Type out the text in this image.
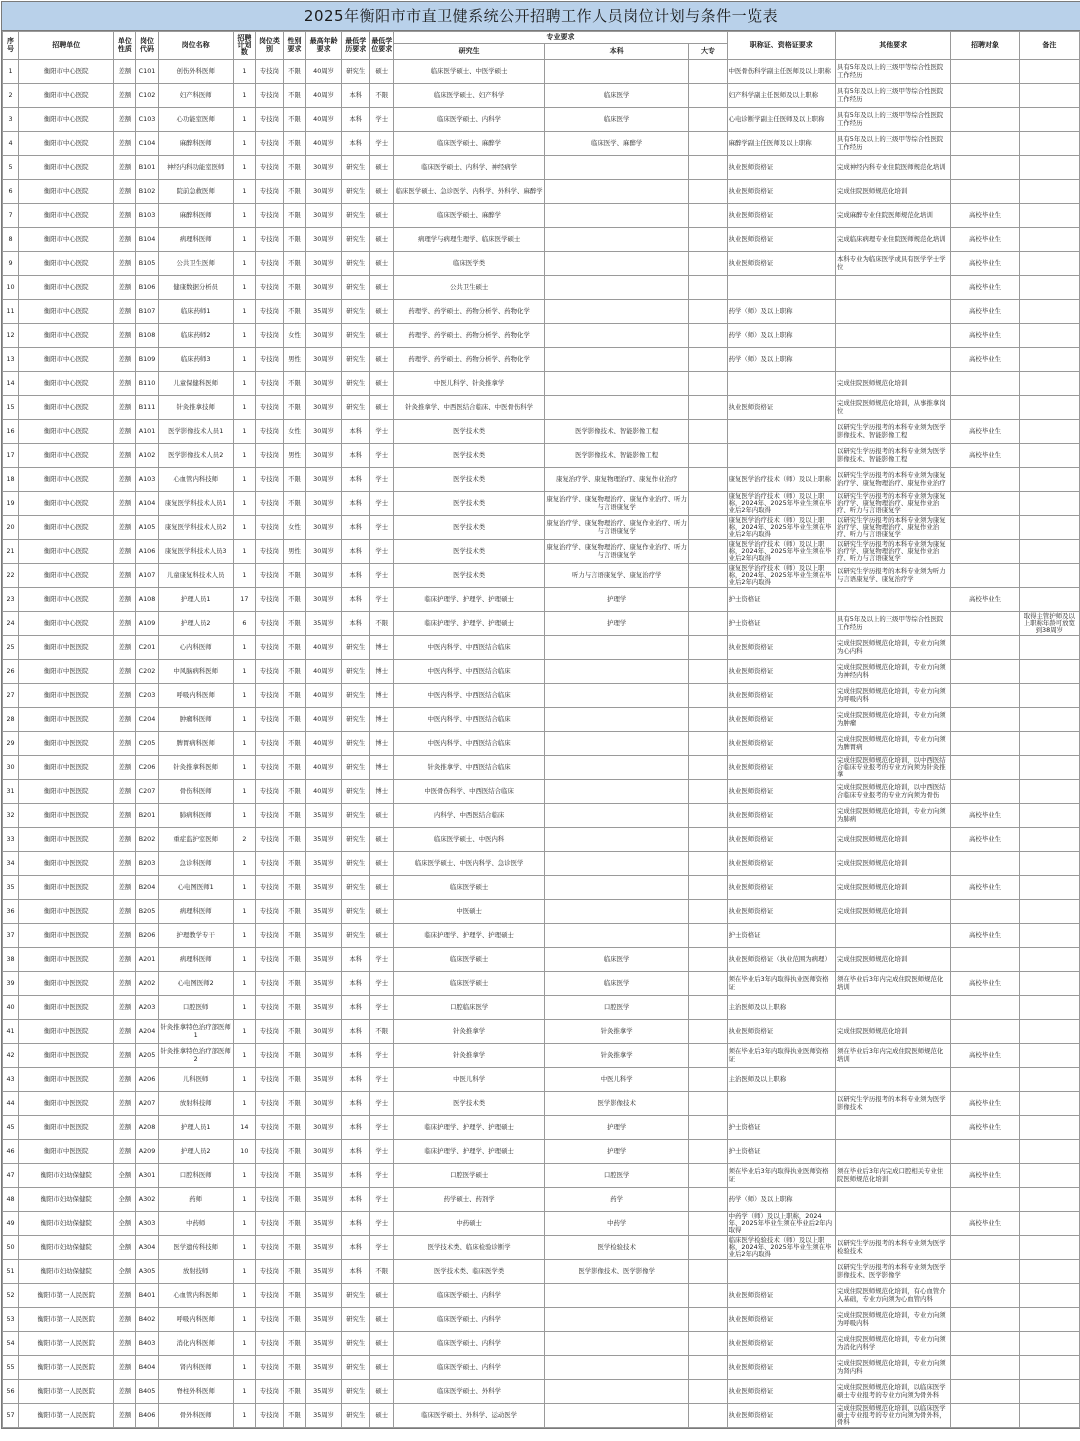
2025年衡阳市市直卫健系统公开招聘工作人员岗位计划与条件一览表
序号	招聘单位	单位性质	岗位代码	岗位名称	招聘计划数	岗位类别	性别要求	最高年龄要求	最低学历要求	最低学位要求	专业要求			职称证、资格证要求	其他要求	招聘对象	备注
											研究生	本科	大专				
1	衡阳市中心医院	差额	C101	创伤外科医师	1	专技岗	不限	40周岁	研究生	硕士	临床医学硕士、中医学硕士			中医骨伤科学副主任医师及以上职称	具有5年及以上的三级甲等综合性医院工作经历		
2	衡阳市中心医院	差额	C102	妇产科医师	1	专技岗	不限	40周岁	本科	不限	临床医学硕士、妇产科学	临床医学		妇产科学副主任医师及以上职称	具有5年及以上的三级甲等综合性医院工作经历		
3	衡阳市中心医院	差额	C103	心功能室医师	1	专技岗	不限	40周岁	本科	学士	临床医学硕士、内科学	临床医学		心电诊断学副主任医师及以上职称	具有5年及以上的三级甲等综合性医院工作经历		
4	衡阳市中心医院	差额	C104	麻醉科医师	1	专技岗	不限	40周岁	本科	学士	临床医学硕士、麻醉学	临床医学、麻醉学		麻醉学副主任医师及以上职称	具有5年及以上的三级甲等综合性医院工作经历		
5	衡阳市中心医院	差额	B101	神经内科功能室医师	1	专技岗	不限	30周岁	研究生	硕士	临床医学硕士、内科学、神经病学			执业医师资格证	完成神经内科专业住院医师规范化培训		
6	衡阳市中心医院	差额	B102	院前急救医师	1	专技岗	不限	30周岁	研究生	硕士	临床医学硕士、急诊医学、内科学、外科学、麻醉学			执业医师资格证	完成住院医师规范化培训		
7	衡阳市中心医院	差额	B103	麻醉科医师	1	专技岗	不限	30周岁	研究生	硕士	临床医学硕士、麻醉学			执业医师资格证	完成麻醉专业住院医师规范化培训	高校毕业生	
8	衡阳市中心医院	差额	B104	病理科医师	1	专技岗	不限	30周岁	研究生	硕士	病理学与病理生理学、临床医学硕士			执业医师资格证	完成临床病理专业住院医师规范化培训	高校毕业生	
9	衡阳市中心医院	差额	B105	公共卫生医师	1	专技岗	不限	30周岁	研究生	硕士	临床医学类			执业医师资格证	本科专业为临床医学或具有医学学士学位	高校毕业生	
10	衡阳市中心医院	差额	B106	健康数据分析员	1	专技岗	不限	30周岁	研究生	硕士	公共卫生硕士					高校毕业生	
11	衡阳市中心医院	差额	B107	临床药师1	1	专技岗	不限	35周岁	研究生	硕士	药理学、药学硕士、药物分析学、药物化学			药学（师）及以上职称		高校毕业生	
12	衡阳市中心医院	差额	B108	临床药师2	1	专技岗	女性	30周岁	研究生	硕士	药理学、药学硕士、药物分析学、药物化学			药学（师）及以上职称		高校毕业生	
13	衡阳市中心医院	差额	B109	临床药师3	1	专技岗	男性	30周岁	研究生	硕士	药理学、药学硕士、药物分析学、药物化学			药学（师）及以上职称		高校毕业生	
14	衡阳市中心医院	差额	B110	儿童保健科医师	1	专技岗	不限	30周岁	研究生	硕士	中医儿科学、针灸推拿学				完成住院医师规范化培训		
15	衡阳市中心医院	差额	B111	针灸推拿技师	1	专技岗	不限	30周岁	研究生	硕士	针灸推拿学、中西医结合临床、中医骨伤科学			执业医师资格证	完成住院医师规范化培训，从事推拿岗位		
16	衡阳市中心医院	差额	A101	医学影像技术人员1	1	专技岗	女性	30周岁	本科	学士	医学技术类	医学影像技术、智能影像工程			以研究生学历报考的本科专业须为医学影像技术、智能影像工程	高校毕业生	
17	衡阳市中心医院	差额	A102	医学影像技术人员2	1	专技岗	男性	30周岁	本科	学士	医学技术类	医学影像技术、智能影像工程			以研究生学历报考的本科专业须为医学影像技术、智能影像工程	高校毕业生	
18	衡阳市中心医院	差额	A103	心血管内科技师	1	专技岗	不限	30周岁	本科	学士	医学技术类	康复治疗学、康复物理治疗、康复作业治疗		康复医学治疗技术（师）及以上职称	以研究生学历报考的本科专业须为康复治疗学、康复物理治疗、康复作业治疗		
19	衡阳市中心医院	差额	A104	康复医学科技术人员1	1	专技岗	不限	30周岁	本科	学士	医学技术类	康复治疗学、康复物理治疗、康复作业治疗、听力与言语康复学		康复医学治疗技术（师）及以上职称，2024年、2025年毕业生须在毕业后2年内取得	以研究生学历报考的本科专业须为康复治疗学、康复物理治疗、康复作业治疗、听力与言语康复学		
20	衡阳市中心医院	差额	A105	康复医学科技术人员2	1	专技岗	女性	30周岁	本科	学士	医学技术类	康复治疗学、康复物理治疗、康复作业治疗、听力与言语康复学		康复医学治疗技术（师）及以上职称，2024年、2025年毕业生须在毕业后2年内取得	以研究生学历报考的本科专业须为康复治疗学、康复物理治疗、康复作业治疗、听力与言语康复学		
21	衡阳市中心医院	差额	A106	康复医学科技术人员3	1	专技岗	男性	30周岁	本科	学士	医学技术类	康复治疗学、康复物理治疗、康复作业治疗、听力与言语康复学		康复医学治疗技术（师）及以上职称，2024年、2025年毕业生须在毕业后2年内取得	以研究生学历报考的本科专业须为康复治疗学、康复物理治疗、康复作业治疗、听力与言语康复学		
22	衡阳市中心医院	差额	A107	儿童康复科技术人员	1	专技岗	不限	30周岁	本科	学士	医学技术类	听力与言语康复学、康复治疗学		康复医学治疗技术（师）及以上职称，2024年、2025年毕业生须在毕业后2年内取得	以研究生学历报考的本科专业须为听力与言语康复学、康复治疗学		
23	衡阳市中心医院	差额	A108	护理人员1	17	专技岗	不限	30周岁	本科	学士	临床护理学、护理学、护理硕士	护理学		护士资格证		高校毕业生	
24	衡阳市中心医院	差额	A109	护理人员2	6	专技岗	不限	35周岁	本科	不限	临床护理学、护理学、护理硕士	护理学		护士资格证	具有5年及以上的三级甲等综合性医院工作经历		取得主管护师及以上职称年龄可放宽到38周岁
25	衡阳市中医医院	差额	C201	心内科医师	1	专技岗	不限	40周岁	研究生	博士	中医内科学、中西医结合临床			执业医师资格证	完成住院医师规范化培训，专业方向须为心内科		
26	衡阳市中医医院	差额	C202	中风脑病科医师	1	专技岗	不限	40周岁	研究生	博士	中医内科学、中西医结合临床			执业医师资格证	完成住院医师规范化培训，专业方向须为神经内科		
27	衡阳市中医医院	差额	C203	呼吸内科医师	1	专技岗	不限	40周岁	研究生	博士	中医内科学、中西医结合临床			执业医师资格证	完成住院医师规范化培训，专业方向须为呼吸内科		
28	衡阳市中医医院	差额	C204	肿瘤科医师	1	专技岗	不限	40周岁	研究生	博士	中医内科学、中西医结合临床			执业医师资格证	完成住院医师规范化培训，专业方向须为肿瘤		
29	衡阳市中医医院	差额	C205	脾胃病科医师	1	专技岗	不限	40周岁	研究生	博士	中医内科学、中西医结合临床			执业医师资格证	完成住院医师规范化培训，专业方向须为脾胃病		
30	衡阳市中医医院	差额	C206	针灸推拿科医师	1	专技岗	不限	40周岁	研究生	博士	针灸推拿学、中西医结合临床			执业医师资格证	完成住院医师规范化培训，以中西医结合临床专业报考的专业方向须为针灸推拿		
31	衡阳市中医医院	差额	C207	骨伤科医师	1	专技岗	不限	40周岁	研究生	博士	中医骨伤科学、中西医结合临床			执业医师资格证	完成住院医师规范化培训，以中西医结合临床专业报考的专业方向须为骨伤		
32	衡阳市中医医院	差额	B201	肺病科医师	1	专技岗	不限	35周岁	研究生	硕士	内科学、中西医结合临床			执业医师资格证	完成住院医师规范化培训，专业方向须为肺病	高校毕业生	
33	衡阳市中医医院	差额	B202	重症监护室医师	2	专技岗	不限	35周岁	研究生	硕士	临床医学硕士、中医内科			执业医师资格证	完成住院医师规范化培训	高校毕业生	
34	衡阳市中医医院	差额	B203	急诊科医师	1	专技岗	不限	35周岁	研究生	硕士	临床医学硕士、中医内科学、急诊医学			执业医师资格证	完成住院医师规范化培训		
35	衡阳市中医医院	差额	B204	心电图医师1	1	专技岗	不限	35周岁	研究生	硕士	临床医学硕士			执业医师资格证	完成住院医师规范化培训	高校毕业生	
36	衡阳市中医医院	差额	B205	病理科医师	1	专技岗	不限	35周岁	研究生	硕士	中医硕士			执业医师资格证	完成住院医师规范化培训		
37	衡阳市中医医院	差额	B206	护理教学专干	1	专技岗	不限	35周岁	研究生	硕士	临床护理学、护理学、护理硕士			护士资格证		高校毕业生	
38	衡阳市中医医院	差额	A201	病理科医师	1	专技岗	不限	35周岁	本科	学士	临床医学硕士	临床医学		执业医师资格证（执业范围为病理）	完成住院医师规范化培训		
39	衡阳市中医医院	差额	A202	心电图医师2	1	专技岗	不限	35周岁	本科	学士	临床医学硕士	临床医学		须在毕业后3年内取得执业医师资格证	须在毕业后3年内完成住院医师规范化培训	高校毕业生	
40	衡阳市中医医院	差额	A203	口腔医师	1	专技岗	不限	35周岁	本科	学士	口腔临床医学	口腔医学		主治医师及以上职称			
41	衡阳市中医医院	差额	A204	针灸推拿特色治疗部医师1	1	专技岗	不限	30周岁	本科	不限	针灸推拿学	针灸推拿学		执业医师资格证	完成住院医师规范化培训		
42	衡阳市中医医院	差额	A205	针灸推拿特色治疗部医师2	1	专技岗	不限	30周岁	本科	学士	针灸推拿学	针灸推拿学		须在毕业后3年内取得执业医师资格证	须在毕业后3年内完成住院医师规范化培训	高校毕业生	
43	衡阳市中医医院	差额	A206	儿科医师	1	专技岗	不限	35周岁	本科	学士	中医儿科学	中医儿科学		主治医师及以上职称			
44	衡阳市中医医院	差额	A207	放射科技师	1	专技岗	不限	30周岁	本科	学士	医学技术类	医学影像技术			以研究生学历报考的本科专业须为医学影像技术	高校毕业生	
45	衡阳市中医医院	差额	A208	护理人员1	14	专技岗	不限	30周岁	本科	学士	临床护理学、护理学、护理硕士	护理学		护士资格证		高校毕业生	
46	衡阳市中医医院	差额	A209	护理人员2	10	专技岗	不限	30周岁	本科	学士	临床护理学、护理学、护理硕士	护理学		护士资格证			
47	衡阳市妇幼保健院	全额	A301	口腔科医师	1	专技岗	不限	35周岁	本科	学士	口腔医学硕士	口腔医学		须在毕业后3年内取得执业医师资格证	须在毕业后3年内完成口腔相关专业住院医师规范化培训	高校毕业生	
48	衡阳市妇幼保健院	全额	A302	药师	1	专技岗	不限	35周岁	本科	学士	药学硕士、药剂学	药学		药学（师）及以上职称			
49	衡阳市妇幼保健院	全额	A303	中药师	1	专技岗	不限	35周岁	本科	学士	中药硕士	中药学		中药学（师）及以上职称，2024年、2025年毕业生须在毕业后2年内取得		高校毕业生	
50	衡阳市妇幼保健院	全额	A304	医学遗传科技师	1	专技岗	不限	35周岁	本科	学士	医学技术类、临床检验诊断学	医学检验技术		临床医学检验技术（师）及以上职称，2024年、2025年毕业生须在毕业后2年内取得	以研究生学历报考的本科专业须为医学检验技术		
51	衡阳市妇幼保健院	全额	A305	放射技师	1	专技岗	不限	35周岁	本科	不限	医学技术类、临床医学类	医学影像技术、医学影像学			以研究生学历报考的本科专业须为医学影像技术、医学影像学		
52	衡阳市第一人民医院	差额	B401	心血管内科医师	1	专技岗	不限	35周岁	研究生	硕士	临床医学硕士、内科学			执业医师资格证	完成住院医师规范化培训，有心血管介入基础，专业方向须为心血管内科		
53	衡阳市第一人民医院	差额	B402	呼吸内科医师	1	专技岗	不限	35周岁	研究生	硕士	临床医学硕士、内科学			执业医师资格证	完成住院医师规范化培训，专业方向须为呼吸内科		
54	衡阳市第一人民医院	差额	B403	消化内科医师	1	专技岗	不限	35周岁	研究生	硕士	临床医学硕士、内科学			执业医师资格证	完成住院医师规范化培训，专业方向须为消化内科学		
55	衡阳市第一人民医院	差额	B404	肾内科医师	1	专技岗	不限	35周岁	研究生	硕士	临床医学硕士、内科学			执业医师资格证	完成住院医师规范化培训，专业方向须为肾内科		
56	衡阳市第一人民医院	差额	B405	脊柱外科医师	1	专技岗	不限	35周岁	研究生	硕士	临床医学硕士、外科学			执业医师资格证	完成住院医师规范化培训，以临床医学硕士专业报考的专业方向须为骨外科		
57	衡阳市第一人民医院	差额	B406	骨外科医师	1	专技岗	不限	35周岁	研究生	硕士	临床医学硕士、外科学、运动医学			执业医师资格证	完成住院医师规范化培训，以临床医学硕士专业报考的专业方向须为骨外科，骨科		
